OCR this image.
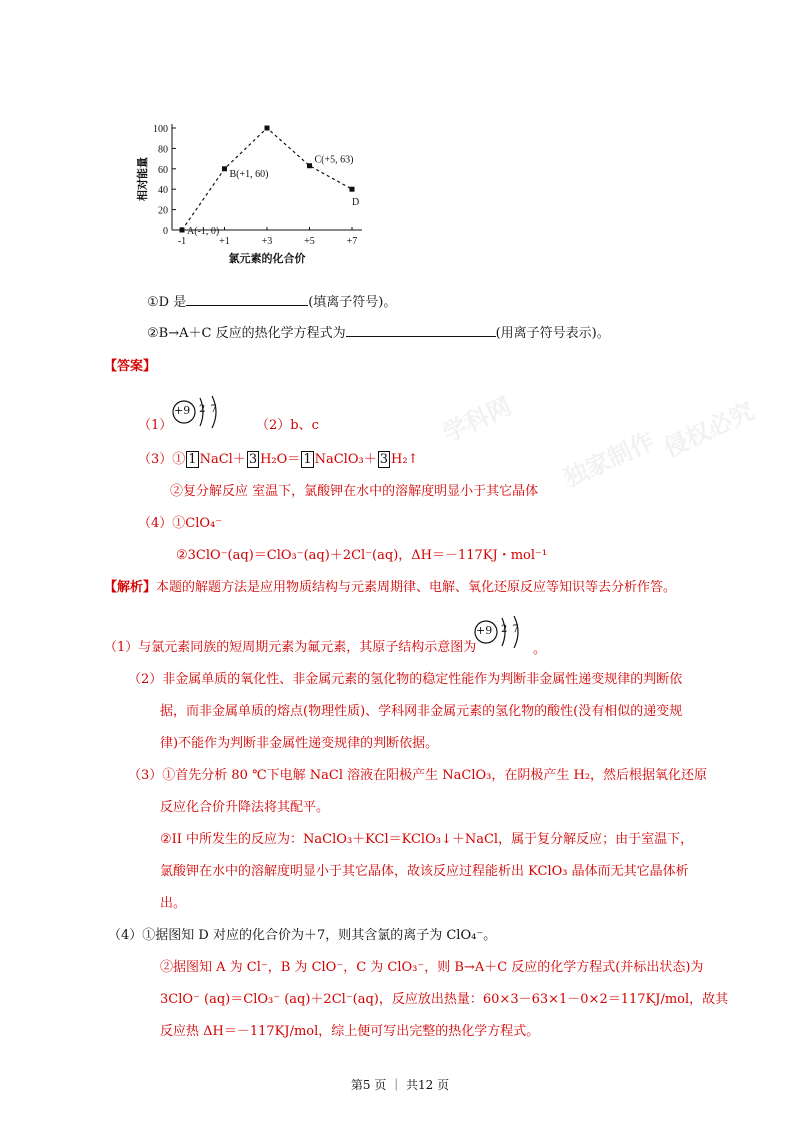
学科网
独家制作 侵权必究
0
20
40
60
80
100
-1	+1	+3	+5	+7
氯元素的化合价
相对能量
A(-1, 0)
B(+1, 60)
C(+5, 63)
D
①D 是	(填离子符号)。
②B→A＋C 反应的热化学方程式为	(用离子符号表示)。
【答案】
（1）
+9 2 7
（2）b、c
（3）① 1 NaCl＋ 3 H₂O＝ 1 NaClO₃＋ 3 H₂↑
②复分解反应 室温下，氯酸钾在水中的溶解度明显小于其它晶体
（4）①ClO₄⁻
②3ClO⁻(aq)＝ClO₃⁻(aq)＋2Cl⁻(aq)，ΔH＝－117KJ・mol⁻¹
【解析】本题的解题方法是应用物质结构与元素周期律、电解、氧化还原反应等知识等去分析作答。
（1）与氯元素同族的短周期元素为氟元素，其原子结构示意图为
+9 2 7
。
（2）非金属单质的氧化性、非金属元素的氢化物的稳定性能作为判断非金属性递变规律的判断依
据，而非金属单质的熔点(物理性质)、学科网非金属元素的氢化物的酸性(没有相似的递变规
律)不能作为判断非金属性递变规律的判断依据。
（3）①首先分析 80 ℃下电解 NaCl 溶液在阳极产生 NaClO₃，在阴极产生 H₂，然后根据氧化还原
反应化合价升降法将其配平。
②II 中所发生的反应为：NaClO₃＋KCl＝KClO₃↓＋NaCl，属于复分解反应；由于室温下，
氯酸钾在水中的溶解度明显小于其它晶体，故该反应过程能析出 KClO₃ 晶体而无其它晶体析
出。
（4）①据图知 D 对应的化合价为＋7，则其含氯的离子为 ClO₄⁻。
②据图知 A 为 Cl⁻，B 为 ClO⁻，C 为 ClO₃⁻，则 B→A＋C 反应的化学方程式(并标出状态)为
3ClO⁻ (aq)＝ClO₃⁻ (aq)＋2Cl⁻(aq)，反应放出热量：60×3－63×1－0×2＝117KJ/mol，故其
反应热 ΔH＝－117KJ/mol，综上便可写出完整的热化学方程式。
第5 页 ｜ 共12 页
